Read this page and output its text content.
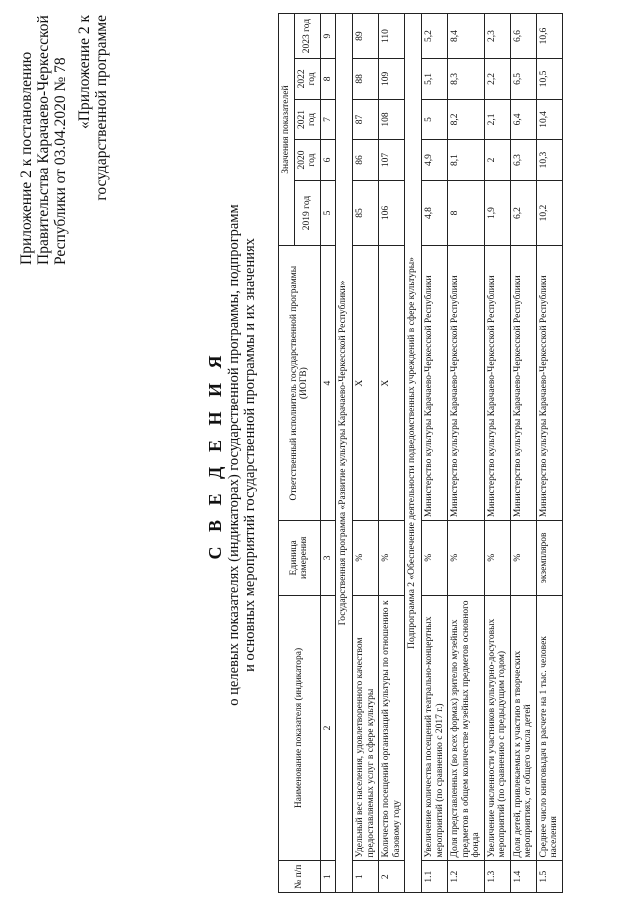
Приложение 2 к постановлению Правительства Карачаево-Черкесской Республики от 03.04.2020 № 78 «Приложение 2 к государственной программе
С В Е Д Е Н И Я о целевых показателях (индикаторах) государственной программы, подпрограмм и основных мероприятий государственной программы и их значениях
№ п/п	Наименование показателя (индикатора)	Единица измерения	Ответственный исполнитель государственной программы (ИОГВ)	Значения показателей				
				2019 год	2020 год	2021 год	2022 год	2023 год
1	2	3	4	5	6	7	8	9
Государственная программа «Развитие культуры Карачаево-Черкесской Республики»								
1	Удельный вес населения, удовлетворенного качеством предоставляемых услуг в сфере культуры	%	Х	85	86	87	88	89
2	Количество посещений организаций культуры по отношению к базовому году	%	Х	106	107	108	109	110
Подпрограмма 2 «Обеспечение деятельности подведомственных учреждений в сфере культуры»								
1.1	Увеличение количества посещений театрально-концертных мероприятий (по сравнению с 2017 г.)	%	Министерство культуры Карачаево-Черкесской Республики	4,8	4,9	5	5,1	5,2
1.2	Доля представленных (во всех формах) зрителю музейных предметов в общем количестве музейных предметов основного фонда	%	Министерство культуры Карачаево-Черкесской Республики	8	8,1	8,2	8,3	8,4
1.3	Увеличение численности участников культурно-досуговых мероприятий (по сравнению с предыдущим годом)	%	Министерство культуры Карачаево-Черкесской Республики	1,9	2	2,1	2,2	2,3
1.4	Доля детей, привлекаемых к участию в творческих мероприятиях, от общего числа детей	%	Министерство культуры Карачаево-Черкесской Республики	6,2	6,3	6,4	6,5	6,6
1.5	Среднее число книговыдач в расчете на 1 тыс. человек населения	экземпляров	Министерство культуры Карачаево-Черкесской Республики	10,2	10,3	10,4	10,5	10,6
